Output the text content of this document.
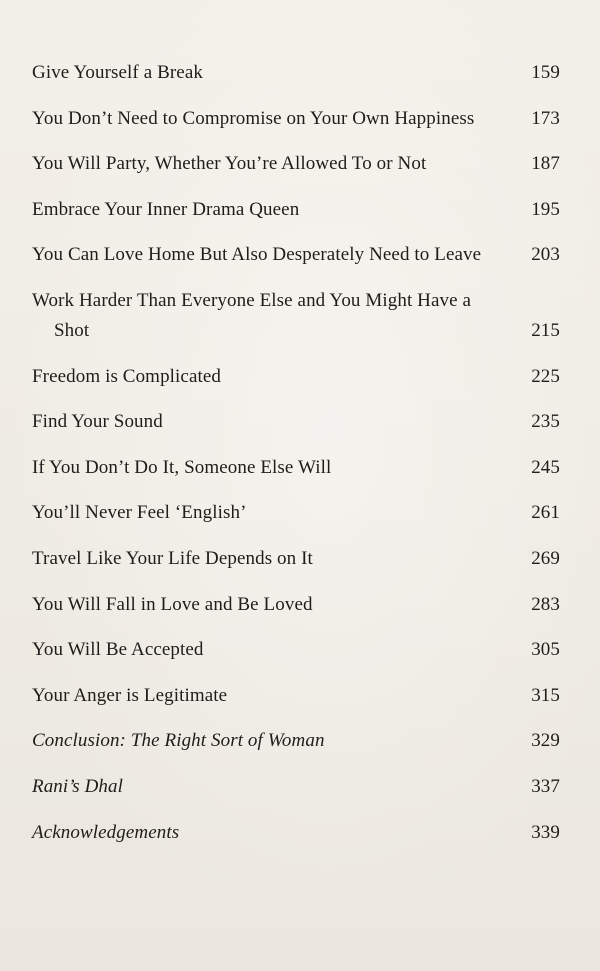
Give Yourself a Break	159
You Don’t Need to Compromise on Your Own Happiness	173
You Will Party, Whether You’re Allowed To or Not	187
Embrace Your Inner Drama Queen	195
You Can Love Home But Also Desperately Need to Leave	203
Work Harder Than Everyone Else and You Might Have a Shot	215
Freedom is Complicated	225
Find Your Sound	235
If You Don’t Do It, Someone Else Will	245
You’ll Never Feel ‘English’	261
Travel Like Your Life Depends on It	269
You Will Fall in Love and Be Loved	283
You Will Be Accepted	305
Your Anger is Legitimate	315
Conclusion: The Right Sort of Woman	329
Rani’s Dhal	337
Acknowledgements	339
